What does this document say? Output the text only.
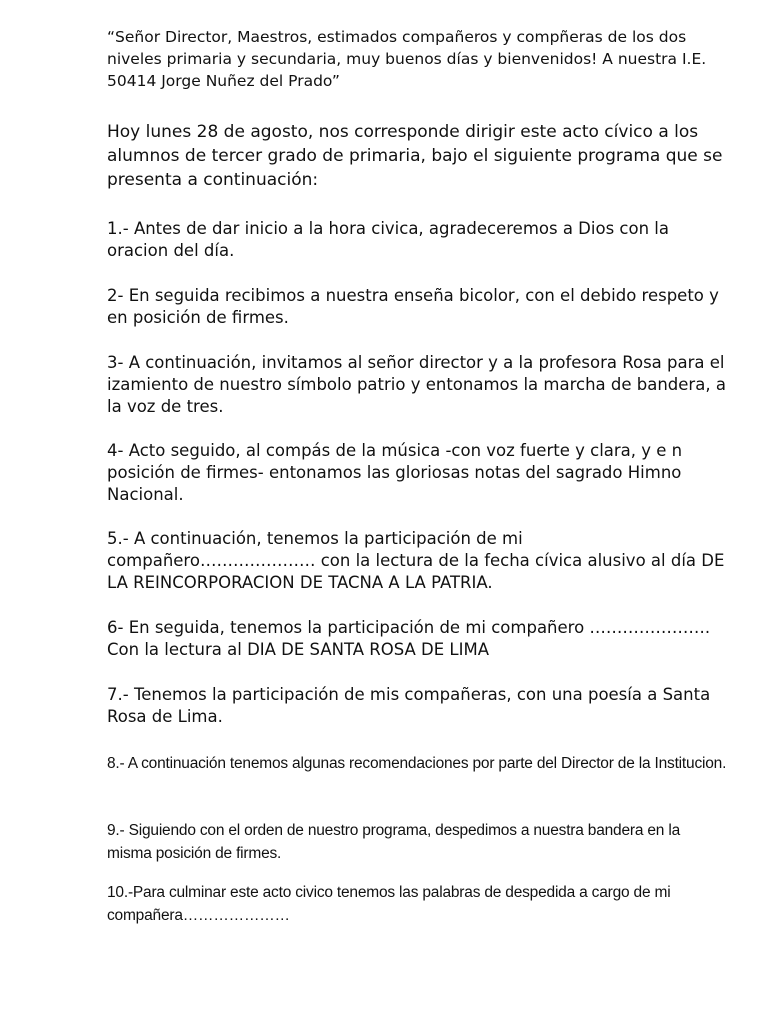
“Señor Director, Maestros, estimados compañeros y compñeras de los dos niveles primaria y secundaria, muy buenos días y bienvenidos! A nuestra I.E. 50414 Jorge Nuñez del Prado”

Hoy lunes 28 de agosto, nos corresponde dirigir este acto cívico a los alumnos de tercer grado de primaria, bajo el siguiente programa que se presenta a continuación:

1.- Antes de dar inicio a la hora civica, agradeceremos a Dios con la oracion del día.

2- En seguida recibimos a nuestra enseña bicolor, con el debido respeto y en posición de firmes.

3- A continuación, invitamos al señor director y a la profesora Rosa para el izamiento de nuestro símbolo patrio y entonamos la marcha de bandera, a la voz de tres.

4- Acto seguido, al compás de la música -con voz fuerte y clara, y e n posición de firmes- entonamos las gloriosas notas del sagrado Himno Nacional.

5.- A continuación, tenemos la participación de mi compañero………………… con la lectura de la fecha cívica alusivo al día DE LA REINCORPORACION DE TACNA A LA PATRIA.

6- En seguida, tenemos la participación de mi compañero …………………. Con la lectura al DIA DE SANTA ROSA DE LIMA

7.- Tenemos la participación de mis compañeras, con una poesía a Santa Rosa de Lima.

8.- A continuación tenemos algunas recomendaciones por parte del Director de la Institucion.

9.- Siguiendo con el orden de nuestro programa, despedimos a nuestra bandera en la misma posición de firmes.

10.-Para culminar este acto civico tenemos las palabras de despedida a cargo de mi compañera…………………
